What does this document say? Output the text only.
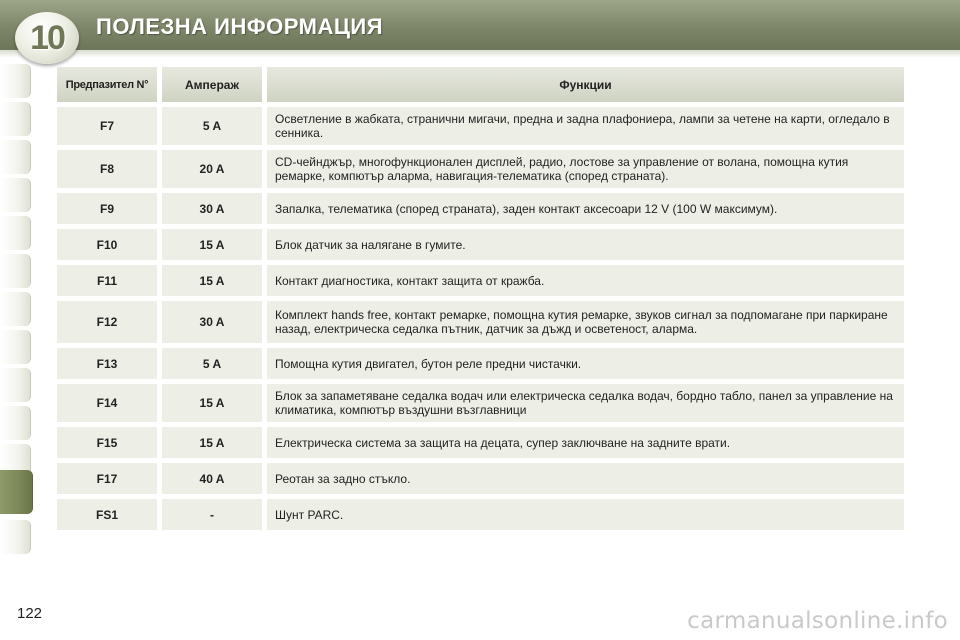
10 ПОЛЕЗНА ИНФОРМАЦИЯ
Предпазител N°		Ампераж		Функции
F7		5 A		Осветление в жабката, странични мигачи, предна и задна плафониера, лампи за четене на карти, огледало в сенника.
F8		20 A		CD-чейнджър, многофункционален дисплей, радио, лостове за управление от волана, помощна кутия ремарке, компютър аларма, навигация-телематика (според страната).
F9		30 A		Запалка, телематика (според страната), заден контакт аксесоари 12 V (100 W максимум).
F10		15 A		Блок датчик за налягане в гумите.
F11		15 A		Контакт диагностика, контакт защита от кражба.
F12		30 A		Комплект hands free, контакт ремарке, помощна кутия ремарке, звуков сигнал за подпомагане при паркиране назад, електрическа седалка пътник, датчик за дъжд и осветеност, аларма.
F13		5 A		Помощна кутия двигател, бутон реле предни чистачки.
F14		15 A		Блок за запаметяване седалка водач или електрическа седалка водач, бордно табло, панел за управление на климатика, компютър въздушни възглавници
F15		15 A		Електрическа система за защита на децата, супер заключване на задните врати.
F17		40 A		Реотан за задно стъкло.
FS1		-		Шунт PARC.
122	carmanualsonline.info
